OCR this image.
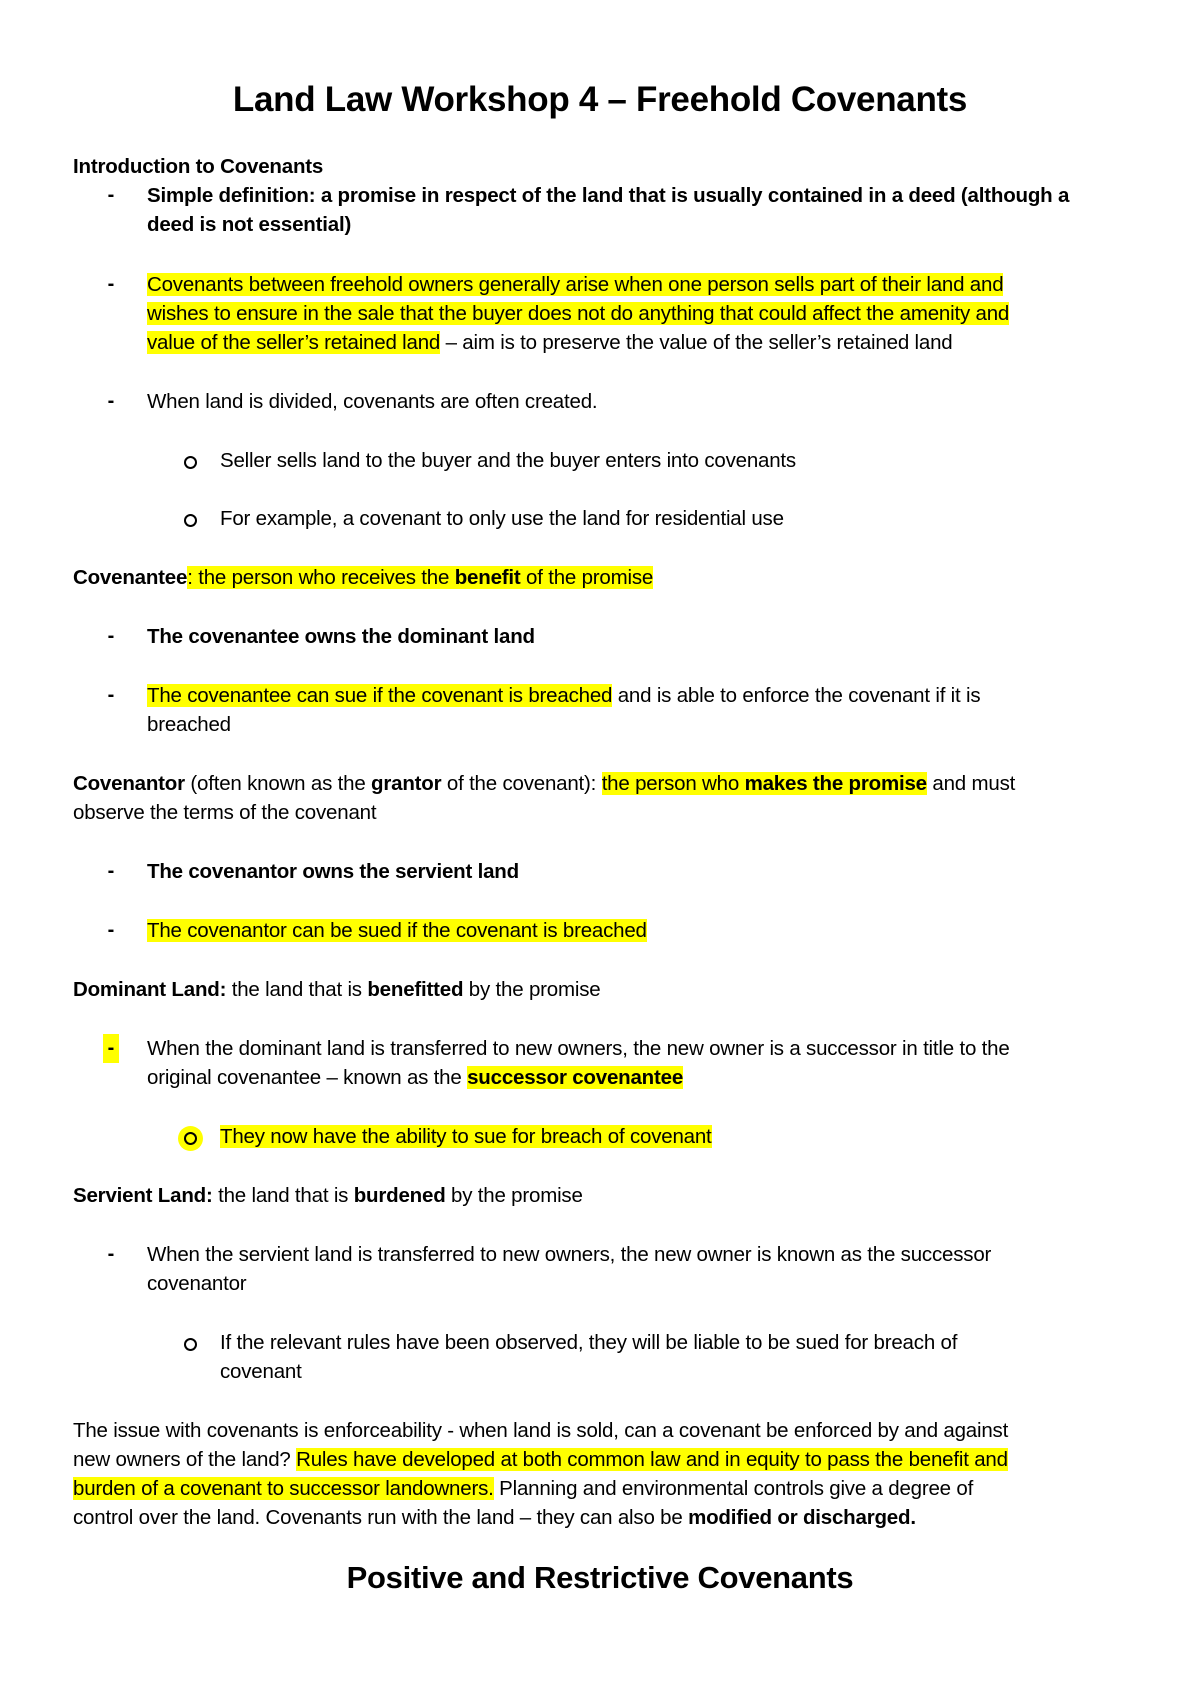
Land Law Workshop 4 – Freehold Covenants
Introduction to Covenants
- Simple definition: a promise in respect of the land that is usually contained in a deed (although a
deed is not essential)
- Covenants between freehold owners generally arise when one person sells part of their land and
wishes to ensure in the sale that the buyer does not do anything that could affect the amenity and
value of the seller’s retained land – aim is to preserve the value of the seller’s retained land
- When land is divided, covenants are often created.
Seller sells land to the buyer and the buyer enters into covenants
For example, a covenant to only use the land for residential use
Covenantee: the person who receives the benefit of the promise
- The covenantee owns the dominant land
- The covenantee can sue if the covenant is breached and is able to enforce the covenant if it is
breached
Covenantor (often known as the grantor of the covenant): the person who makes the promise and must
observe the terms of the covenant
- The covenantor owns the servient land
- The covenantor can be sued if the covenant is breached
Dominant Land: the land that is benefitted by the promise
- When the dominant land is transferred to new owners, the new owner is a successor in title to the
original covenantee – known as the successor covenantee
They now have the ability to sue for breach of covenant
Servient Land: the land that is burdened by the promise
- When the servient land is transferred to new owners, the new owner is known as the successor
covenantor
If the relevant rules have been observed, they will be liable to be sued for breach of
covenant
The issue with covenants is enforceability - when land is sold, can a covenant be enforced by and against
new owners of the land? Rules have developed at both common law and in equity to pass the benefit and
burden of a covenant to successor landowners. Planning and environmental controls give a degree of
control over the land. Covenants run with the land – they can also be modified or discharged.
Positive and Restrictive Covenants
